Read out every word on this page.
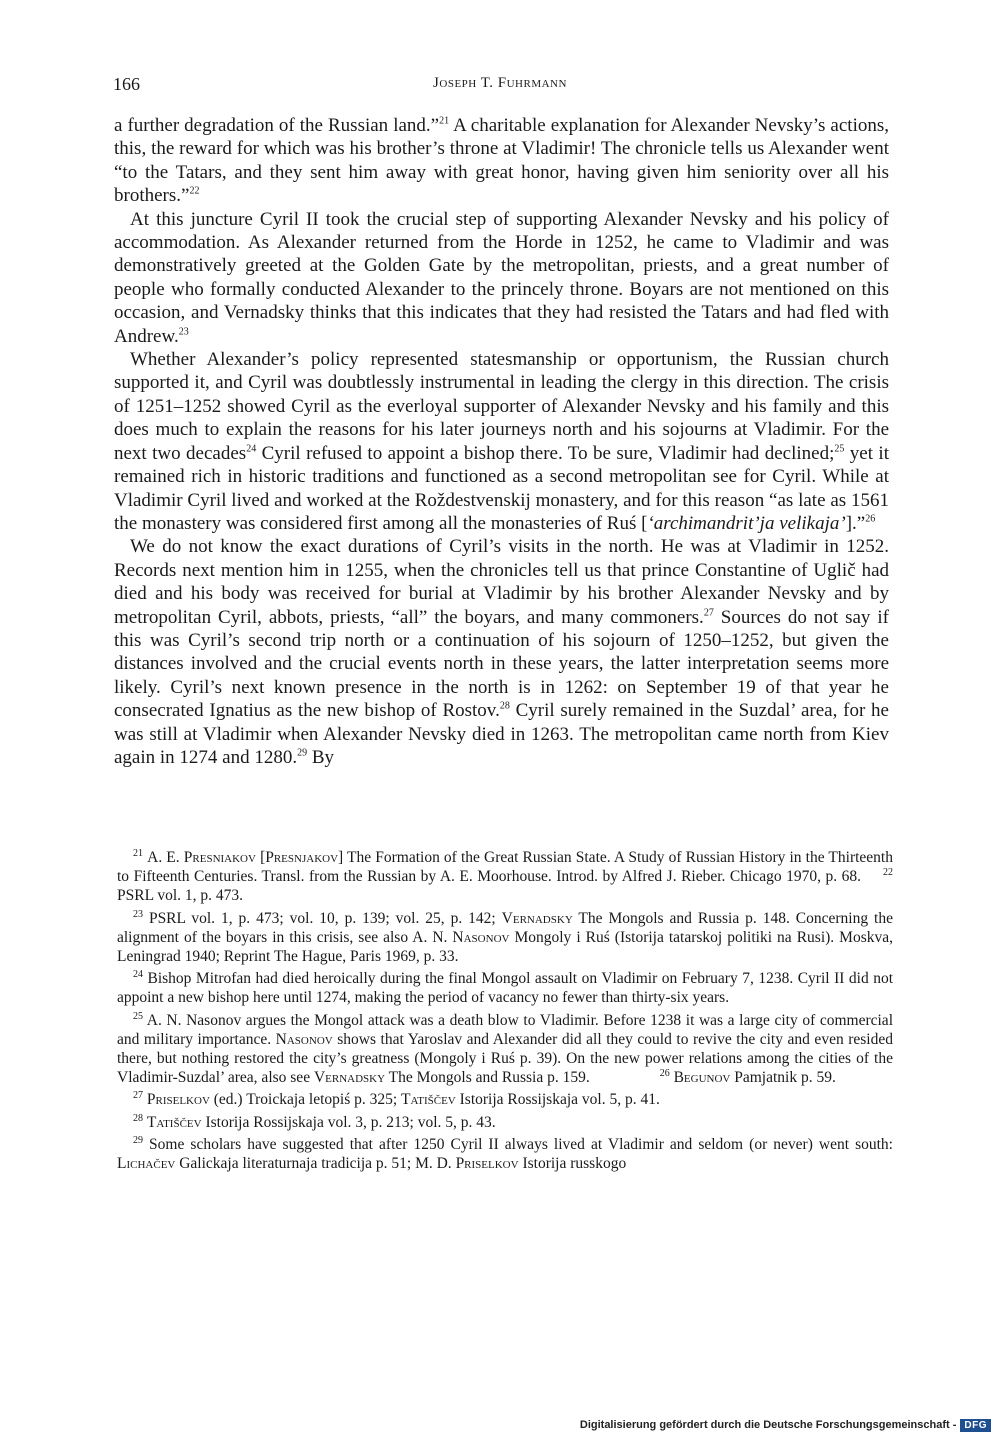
166	Joseph T. Fuhrmann

a further degradation of the Russian land.”$^{21}$ A charitable explanation for Alexander Nevsky’s actions, this, the reward for which was his brother’s throne at Vladimir! The chronicle tells us Alexander went “to the Tatars, and they sent him away with great honor, having given him seniority over all his brothers.”$^{22}$

At this juncture Cyril II took the crucial step of supporting Alexander Nevsky and his policy of accommodation. As Alexander returned from the Horde in 1252, he came to Vladimir and was demonstratively greeted at the Golden Gate by the metropolitan, priests, and a great number of people who formally conducted Alexander to the princely throne. Boyars are not mentioned on this occasion, and Vernadsky thinks that this indicates that they had resisted the Tatars and had fled with Andrew.$^{23}$

Whether Alexander’s policy represented statesmanship or opportunism, the Russian church supported it, and Cyril was doubtlessly instrumental in leading the clergy in this direction. The crisis of 1251–1252 showed Cyril as the everloyal supporter of Alexander Nevsky and his family and this does much to explain the reasons for his later journeys north and his sojourns at Vladimir. For the next two decades$^{24}$ Cyril refused to appoint a bishop there. To be sure, Vladimir had declined;$^{25}$ yet it remained rich in historic traditions and functioned as a second metropolitan see for Cyril. While at Vladimir Cyril lived and worked at the Roždestvenskij monastery, and for this reason “as late as 1561 the monastery was considered first among all the monasteries of Ruś [‘archimandrit’ja velikaja’].”$^{26}$

We do not know the exact durations of Cyril’s visits in the north. He was at Vladimir in 1252. Records next mention him in 1255, when the chronicles tell us that prince Constantine of Uglič had died and his body was received for burial at Vladimir by his brother Alexander Nevsky and by metropolitan Cyril, abbots, priests, “all” the boyars, and many commoners.$^{27}$ Sources do not say if this was Cyril’s second trip north or a continuation of his sojourn of 1250–1252, but given the distances involved and the crucial events north in these years, the latter interpretation seems more likely. Cyril’s next known presence in the north is in 1262: on September 19 of that year he consecrated Ignatius as the new bishop of Rostov.$^{28}$ Cyril surely remained in the Suzdal’ area, for he was still at Vladimir when Alexander Nevsky died in 1263. The metropolitan came north from Kiev again in 1274 and 1280.29 By

$^{21}$ A. E. Presniakov [Presnjakov] The Formation of the Great Russian State. A Study of Russian History in the Thirteenth to Fifteenth Centuries. Transl. from the Russian by A. E. Moorhouse. Introd. by Alfred J. Rieber. Chicago 1970, p. 68. $^{22}$ PSRL vol. 1, p. 473.

$^{23}$ PSRL vol. 1, p. 473; vol. 10, p. 139; vol. 25, p. 142; Vernadsky The Mongols and Russia p. 148. Concerning the alignment of the boyars in this crisis, see also A. N. Nasonov Mongoly i Ruś (Istorija tatarskoj politiki na Rusi). Moskva, Leningrad 1940; Reprint The Hague, Paris 1969, p. 33.

$^{24}$ Bishop Mitrofan had died heroically during the final Mongol assault on Vladimir on February 7, 1238. Cyril II did not appoint a new bishop here until 1274, making the period of vacancy no fewer than thirty-six years.

$^{25}$ A. N. Nasonov argues the Mongol attack was a death blow to Vladimir. Before 1238 it was a large city of commercial and military importance. Nasonov shows that Yaroslav and Alexander did all they could to revive the city and even resided there, but nothing restored the city’s greatness (Mongoly i Ruś p. 39). On the new power relations among the cities of the Vladimir-Suzdal’ area, also see Vernadsky The Mongols and Russia p. 159.	$^{26}$ Begunov Pamjatnik p. 59.

$^{27}$ Priselkov (ed.) Troickaja letopiś p. 325; Tatiščev Istorija Rossijskaja vol. 5, p. 41.

$^{28}$ Tatiščev Istorija Rossijskaja vol. 3, p. 213; vol. 5, p. 43.

$^{29}$ Some scholars have suggested that after 1250 Cyril II always lived at Vladimir and seldom (or never) went south: Lichačev Galickaja literaturnaja tradicija p. 51; M. D. Priselkov Istorija russkogo

Digitalisierung gefördert durch die Deutsche Forschungsgemeinschaft - DFG
